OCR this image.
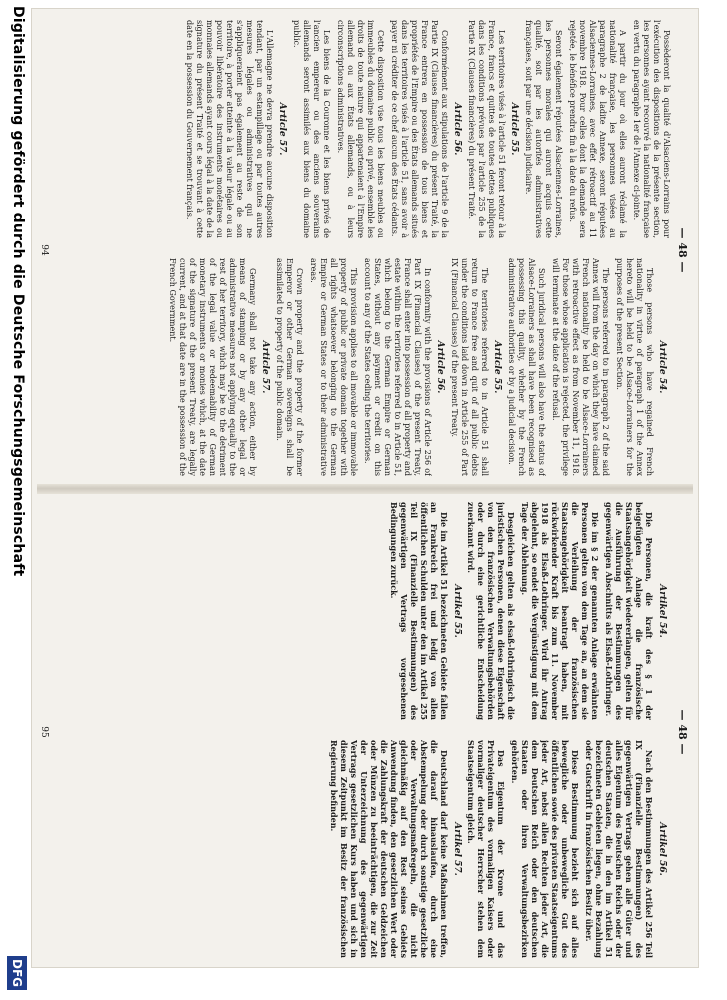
— 48 —

Possèderont la qualité d'Alsaciens-Lorrains pour l'exécution des dispositions de la présente section, les personnes ayant recouvré la nationalité française en vertu du paragraphe 1er de l'Annexe ci-jointe.

A partir du jour où elles auront réclamé la nationalité française, les personnes visées au paragraphe 2 de ladite Annexe, seront réputées Alsaciennes-Lorraines, avec effet rétroactif au 11 novembre 1918. Pour celles dont la demande sera rejetée, le bénéfice prendra fin à la date du refus.

Seront également réputées Alsaciennes-Lorraines, les personnes morales qui auront acquis cette qualité, soit par les autorités administratives françaises, soit par une décision judiciaire.

Article 55.

Les territoires visés à l'article 51 feront retour à la France, francs et quittes de toutes dettes publiques dans les conditions prévues par l'article 255 de la Partie IX (Clauses financières) du présent Traité.

Article 56.

Conformément aux stipulations de l'article 9 de la Partie IX (Clauses financières) du présent Traité, la France entrera en possession de tous biens et propriétés de l'Empire ou des États allemands situés dans les territoires visés à l'article 51, sans avoir à payer ni créditer de ce chef aucun des États cédants.

Cette disposition vise tous les biens meubles ou immeubles du domaine public ou privé, ensemble les droits de toute nature qui appartenaient à l'Empire allemand ou aux États allemands, ou à leurs circonscriptions administratives.

Les biens de la Couronne et les biens privés de l'ancien empereur ou des anciens souverains allemands seront assimilés aux biens du domaine public.

Article 57.

L'Allemagne ne devra prendre aucune disposition tendant, par un estampillage ou par toutes autres mesures légales ou administratives qui ne s'appliqueraient pas également au reste de son territoire, à porter atteinte à la valeur légale ou au pouvoir libératoire des instruments monétaires ou monnaies allemands ayant cours légal à la date de la signature du présent Traité et se trouvant à cette date en la possession du Gouvernement français.

Article 54.

Those persons who have regained French nationality in virtue of paragraph 1 of the Annex hereto will be held to be Alsace-Lorrainers for the purposes of the present Section.

The persons referred to in paragraph 2 of the said Annex will from the day on which they have claimed French nationality be held to be Alsace-Lorrainers with retroactive effect as from November 11, 1918. For those whose application is rejected, the privilege will terminate at the date of the refusal.

Such juridical persons will also have the status of Alsace-Lorrainers as shall have been recognised as possessing this quality, whether by the French administrative authorities or by a judicial decision.

Article 55.

The territories referred to in Article 51 shall return to France free and quit of all public debts under the conditions laid down in Article 255 of Part IX (Financial Clauses) of the present Treaty.

Article 56.

In conformity with the provisions of Article 256 of Part IX (Financial Clauses) of the present Treaty, France shall enter into possession of all property and estate within the territories referred to in Article 51, which belong to the German Empire or German States, without any payment or credit on this account to any of the States ceding the territories.

This provision applies to all movable or immovable property of public or private domain together with all rights whatsoever belonging to the German Empire or German States or to their administrative areas.

Crown property and the property of the former Emperor or other German sovereigns shall be assimilated to property of the public domain.

Article 57.

Germany shall not take any action, either by means of stamping or by any other legal or administrative measures not applying equally to the rest of her territory, which may be to the detriment of the legal value or redeemability of German monetary instruments or monies which, at the date of the signature of the present Treaty, are legally current, and at that date are in the possession of the French Government.

94
— 48 —
Artikel 54.

Die Personen, die kraft des § 1 der beigefügten Anlage die französische Staatsangehörigkeit wiedererlangen, gelten für die Ausführung der Bestimmungen des gegenwärtigen Abschnitts als Elsaß-Lothringer.

Die im § 2 der genannten Anlage erwähnten Personen gelten von dem Tage an, an dem sie die Verleihung der französischen Staatsangehörigkeit beantragt haben, mit rückwirkender Kraft bis zum 11. November 1918 als Elsaß-Lothringer. Wird ihr Antrag abgelehnt, so endet die Vergünstigung mit dem Tage der Ablehnung.

Desgleichen gelten als elsaß-lothringisch die juristischen Personen, denen diese Eigenschaft von den französischen Verwaltungsbehörden oder durch eine gerichtliche Entscheidung zuerkannt wird.

Artikel 55.

Die im Artikel 51 bezeichneten Gebiete fallen an Frankreich frei und ledig von allen öffentlichen Schulden unter den im Artikel 255 Teil IX (Finanzielle Bestimmungen) des gegenwärtigen Vertrags vorgesehenen Bedingungen zurück.

Artikel 56.

Nach den Bestimmungen des Artikel 256 Teil IX (Finanzielle Bestimmungen) des gegenwärtigen Vertrags gehen alle Güter und alles Eigentum des Deutschen Reichs oder der deutschen Staaten, die in den im Artikel 51 bezeichneten Gebieten liegen, ohne Bezahlung oder Gutschrift in französischen Besitz über.

Diese Bestimmung bezieht sich auf alles bewegliche oder unbewegliche Gut des öffentlichen sowie des privaten Staatseigentums jeder Art, nebst allen Rechten jeder Art, die dem Deutschen Reich oder den deutschen Staaten oder ihren Verwaltungsbezirken gehörten.

Das Eigentum der Krone und das Privateigentum des vormaligen Kaisers oder vormaliger deutscher Herrscher stehen dem Staatseigentum gleich.

Artikel 57.

Deutschland darf keine Maßnahmen treffen, die darauf hinauslaufen, durch eine Abstempelung oder durch sonstige gesetzliche oder Verwaltungsmaßregeln, die nicht gleichmäßig auf den Rest seines Gebiets Anwendung finden, den gesetzlichen Wert oder die Zahlungskraft der deutschen Geldzeichen oder Münzen zu beeinträchtigen, die zur Zeit der Unterzeichnung des gegenwärtigen Vertrags gesetzlichen Kurs haben und sich in diesem Zeitpunkt im Besitz der französischen Regierung befinden.

95
Digitalisierung gefördert durch die Deutsche Forschungsgemeinschaft
DFG
